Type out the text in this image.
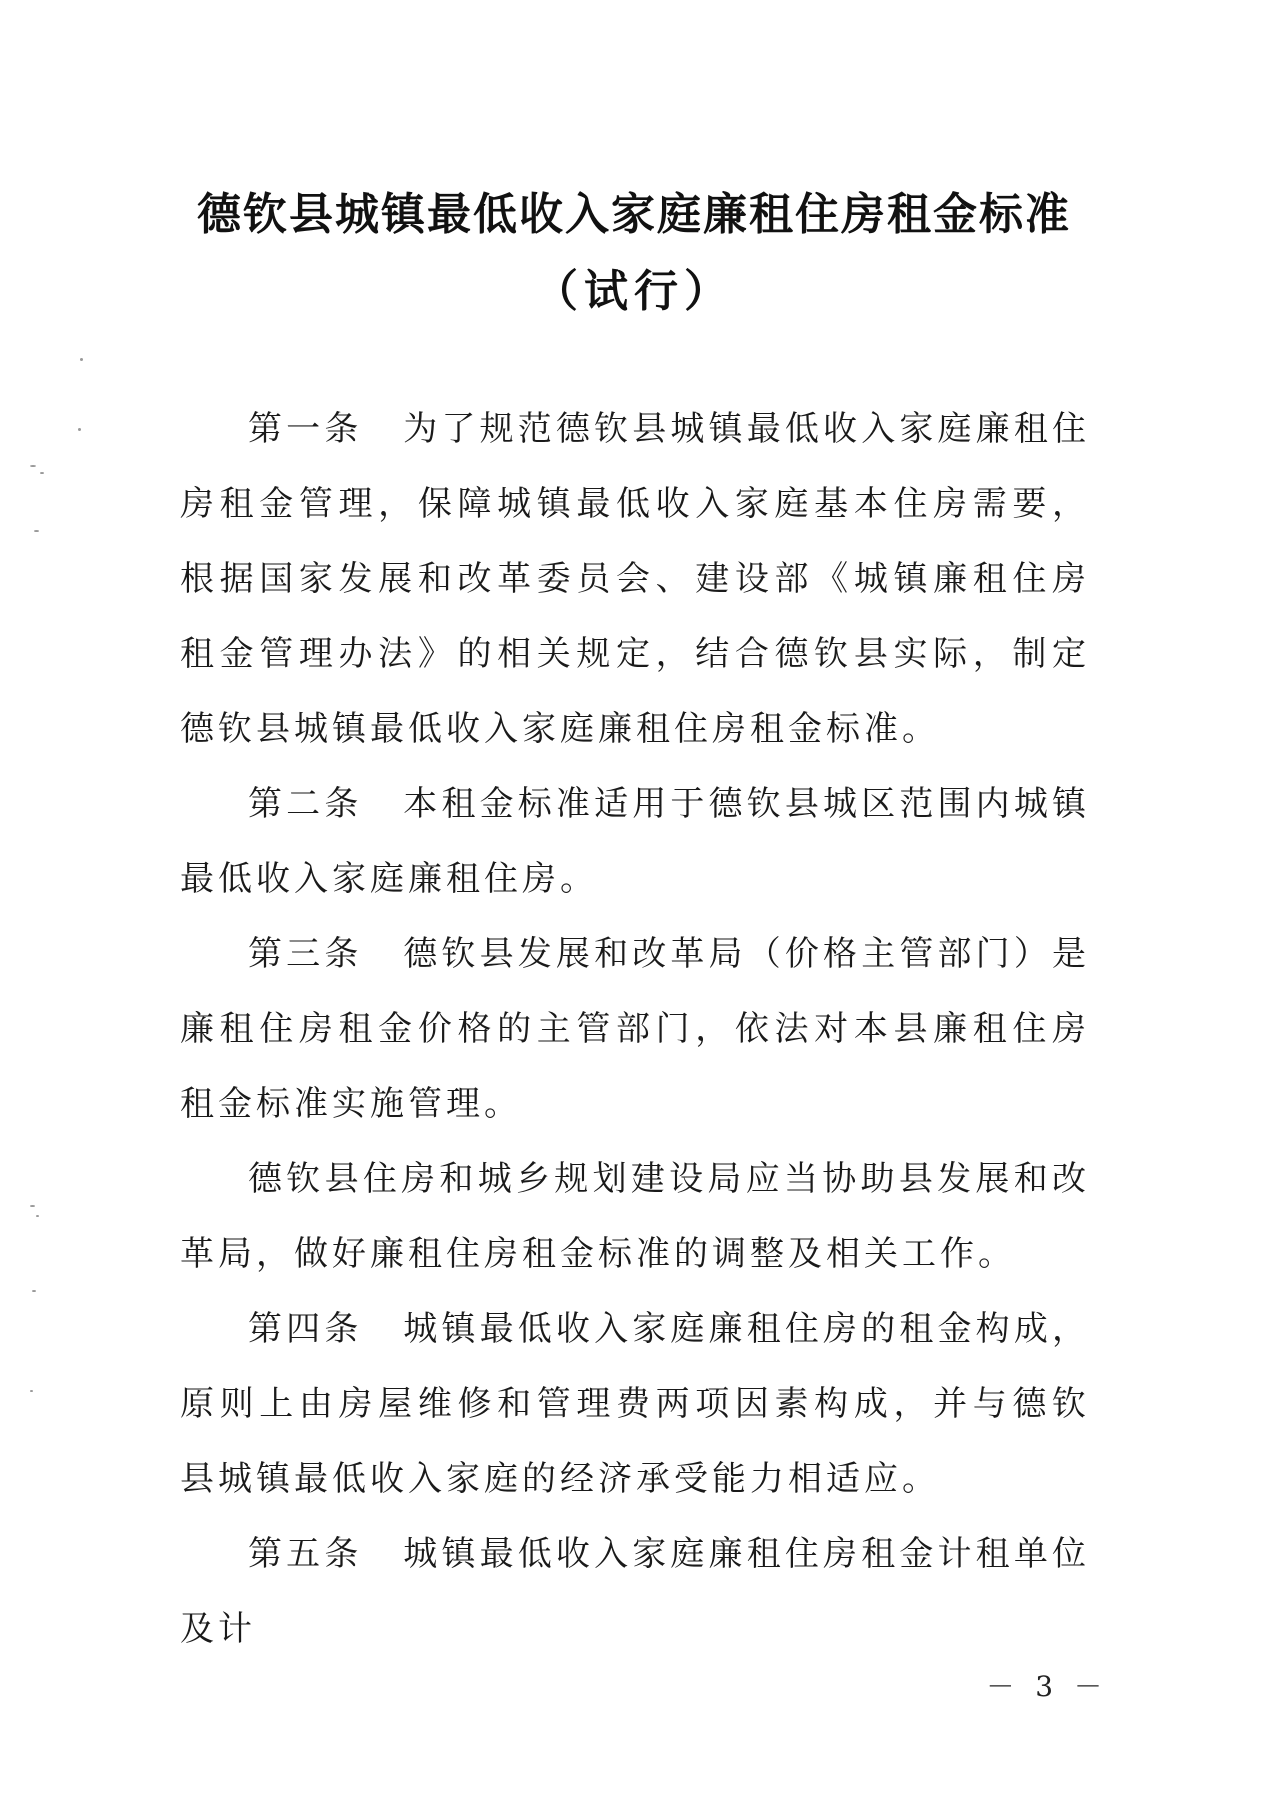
德钦县城镇最低收入家庭廉租住房租金标准
（试行）

第一条 为了规范德钦县城镇最低收入家庭廉租住房租金管理，保障城镇最低收入家庭基本住房需要，根据国家发展和改革委员会、建设部《城镇廉租住房租金管理办法》的相关规定，结合德钦县实际，制定德钦县城镇最低收入家庭廉租住房租金标准。

第二条 本租金标准适用于德钦县城区范围内城镇最低收入家庭廉租住房。

第三条 德钦县发展和改革局（价格主管部门）是廉租住房租金价格的主管部门，依法对本县廉租住房租金标准实施管理。

德钦县住房和城乡规划建设局应当协助县发展和改革局，做好廉租住房租金标准的调整及相关工作。

第四条 城镇最低收入家庭廉租住房的租金构成，原则上由房屋维修和管理费两项因素构成，并与德钦县城镇最低收入家庭的经济承受能力相适应。

第五条 城镇最低收入家庭廉租住房租金计租单位及计

－ 3 －
